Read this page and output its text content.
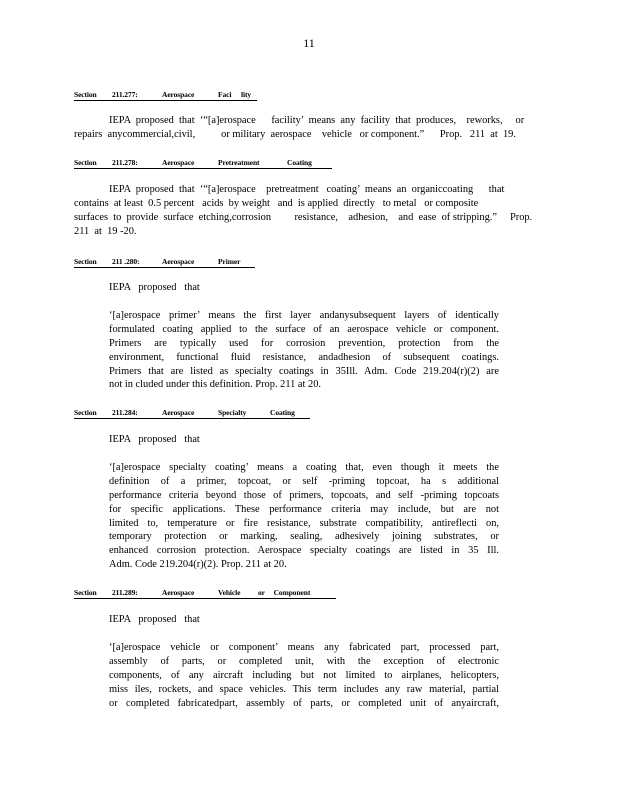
11
Section 211.277:	Aerospace	Faci lity
IEPA  proposed  that  ‘“[a]erospace      facility’  means  any  facility  that  produces,    reworks,     or
repairs  anycommercial,civil,          or military  aerospace    vehicle   or component.”      Prop.   211  at  19.
Section 211.278:	Aerospace	Pretreatment	Coating
IEPA  proposed  that  ‘“[a]erospace    pretreatment   coating’  means  an  organiccoating      that
contains  at least  0.5 percent   acids  by weight   and  is applied  directly   to metal   or composite
surfaces  to  provide  surface  etching,corrosion         resistance,    adhesion,    and  ease  of stripping.”     Prop.
211  at  19 -20.
Section 211 .280:	Aerospace	Primer
IEPA   proposed   that
‘[a]erospace primer’ means the first layer andanysubsequent layers of identically
formulated coating applied to the surface of an aerospace vehicle or component.
Primers are typically used for corrosion prevention, protection from the
environment, functional fluid resistance, andadhesion of subsequent coatings.
Primers that are listed as specialty coatings in 35Ill. Adm. Code 219.204(r)(2) are
not in cluded under this definition. Prop. 211 at 20.
Section 211.284:	Aerospace	Specialty	Coating
IEPA   proposed   that
‘[a]erospace specialty coating’ means a coating that, even though it meets the
definition of a primer, topcoat, or self -priming topcoat, ha s additional
performance criteria beyond those of primers, topcoats, and self -priming topcoats
for specific applications. These performance criteria may include, but are not
limited to, temperature or fire resistance, substrate compatibility, antireflecti on,
temporary protection or marking, sealing, adhesively joining substrates, or
enhanced corrosion protection. Aerospace specialty coatings are listed in 35 Ill.
Adm. Code 219.204(r)(2). Prop. 211 at 20.
Section 211.289:	Aerospace	Vehicle or     Component
IEPA   proposed   that
‘[a]erospace vehicle or component’ means any fabricated part, processed part,
assembly of parts, or completed unit, with the exception of electronic
components, of any aircraft including but not limited to airplanes, helicopters,
miss iles, rockets, and space vehicles. This term includes any raw material, partial
or completed fabricatedpart, assembly of parts, or completed unit of anyaircraft,
